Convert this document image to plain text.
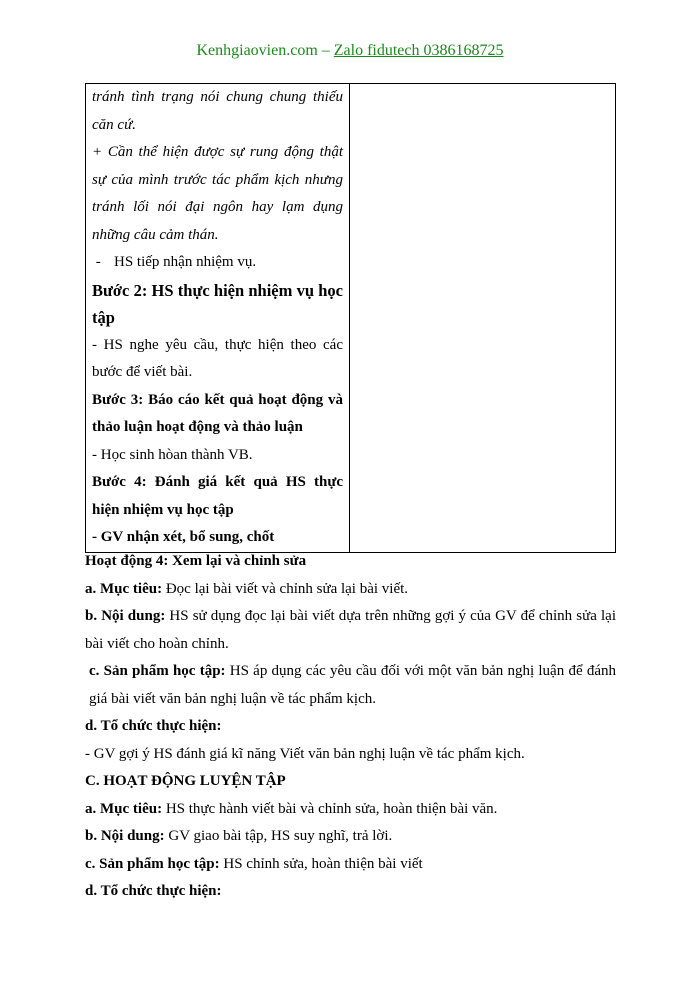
Kenhgiaovien.com – Zalo fidutech 0386168725
tránh tình trạng nói chung chung thiếu căn cứ.
+ Cần thể hiện được sự rung động thật sự của mình trước tác phẩm kịch nhưng tránh lối nói đại ngôn hay lạm dụng những câu cảm thán.
- HS tiếp nhận nhiệm vụ.
Bước 2: HS thực hiện nhiệm vụ học tập
- HS nghe yêu cầu, thực hiện theo các bước để viết bài.
Bước 3: Báo cáo kết quả hoạt động và thảo luận hoạt động và thảo luận
- Học sinh hòan thành VB.
Bước 4: Đánh giá kết quả HS thực hiện nhiệm vụ học tập
- GV nhận xét, bổ sung, chốt

Hoạt động 4: Xem lại và chỉnh sửa

a. Mục tiêu: Đọc lại bài viết và chỉnh sửa lại bài viết.

b. Nội dung: HS sử dụng đọc lại bài viết dựa trên những gợi ý của GV để chỉnh sửa lại bài viết cho hoàn chỉnh.

c. Sản phẩm học tập: HS áp dụng các yêu cầu đối với một văn bản nghị luận để đánh giá bài viết văn bản nghị luận về tác phẩm kịch.

d. Tổ chức thực hiện:

- GV gợi ý HS đánh giá kĩ năng Viết văn bản nghị luận về tác phẩm kịch.

C. HOẠT ĐỘNG LUYỆN TẬP

a. Mục tiêu: HS thực hành viết bài và chỉnh sửa, hoàn thiện bài văn.

b. Nội dung: GV giao bài tập, HS suy nghĩ, trả lời.

c. Sản phẩm học tập: HS chỉnh sửa, hoàn thiện bài viết

d. Tổ chức thực hiện:
